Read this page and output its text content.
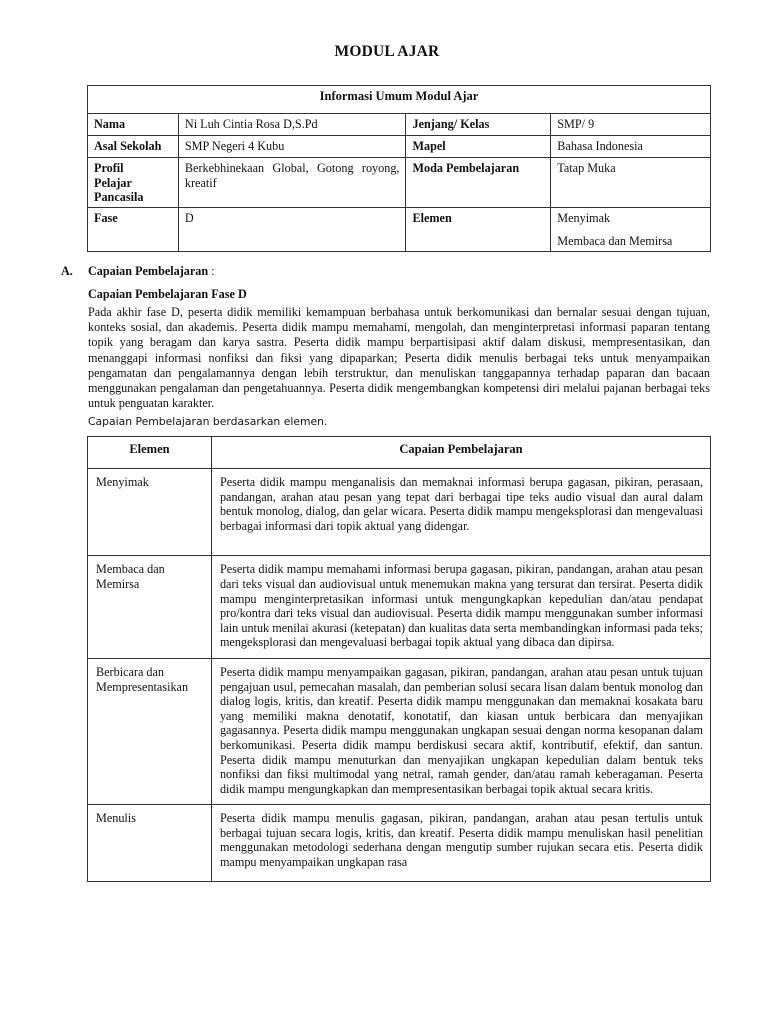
MODUL AJAR
Informasi Umum Modul Ajar			
Nama	Ni Luh Cintia Rosa D,S.Pd	Jenjang/ Kelas	SMP/ 9
Asal Sekolah	SMP Negeri 4 Kubu	Mapel	Bahasa Indonesia

Profil
Pelajar
Pancasila	Berkebhinekaan Global, Gotong royong, kreatif	Moda Pembelajaran	Tatap Muka
Fase	D	Elemen	Menyimak
Membaca dan Memirsa
A. Capaian Pembelajaran :
Capaian Pembelajaran Fase D

Pada akhir fase D, peserta didik memiliki kemampuan berbahasa untuk berkomunikasi dan bernalar sesuai dengan tujuan, konteks sosial, dan akademis. Peserta didik mampu memahami, mengolah, dan menginterpretasi informasi paparan tentang topik yang beragam dan karya sastra. Peserta didik mampu berpartisipasi aktif dalam diskusi, mempresentasikan, dan menanggapi informasi nonfiksi dan fiksi yang dipaparkan; Peserta didik menulis berbagai teks untuk menyampaikan pengamatan dan pengalamannya dengan lebih terstruktur, dan menuliskan tanggapannya terhadap paparan dan bacaan menggunakan pengalaman dan pengetahuannya. Peserta didik mengembangkan kompetensi diri melalui pajanan berbagai teks untuk penguatan karakter.

Capaian Pembelajaran berdasarkan elemen.
Elemen	Capaian Pembelajaran
Menyimak	Peserta didik mampu menganalisis dan memaknai informasi berupa gagasan, pikiran, perasaan, pandangan, arahan atau pesan yang tepat dari berbagai tipe teks audio visual dan aural dalam bentuk monolog, dialog, dan gelar wicara. Peserta didik mampu mengeksplorasi dan mengevaluasi berbagai informasi dari topik aktual yang didengar.
Membaca dan Memirsa	Peserta didik mampu memahami informasi berupa gagasan, pikiran, pandangan, arahan atau pesan dari teks visual dan audiovisual untuk menemukan makna yang tersurat dan tersirat. Peserta didik mampu menginterpretasikan informasi untuk mengungkapkan kepedulian dan/atau pendapat pro/kontra dari teks visual dan audiovisual. Peserta didik mampu menggunakan sumber informasi lain untuk menilai akurasi (ketepatan) dan kualitas data serta membandingkan informasi pada teks; mengeksplorasi dan mengevaluasi berbagai topik aktual yang dibaca dan dipirsa.
Berbicara dan Mempresentasikan	Peserta didik mampu menyampaikan gagasan, pikiran, pandangan, arahan atau pesan untuk tujuan pengajuan usul, pemecahan masalah, dan pemberian solusi secara lisan dalam bentuk monolog dan dialog logis, kritis, dan kreatif. Peserta didik mampu menggunakan dan memaknai kosakata baru yang memiliki makna denotatif, konotatif, dan kiasan untuk berbicara dan menyajikan gagasannya. Peserta didik mampu menggunakan ungkapan sesuai dengan norma kesopanan dalam berkomunikasi. Peserta didik mampu berdiskusi secara aktif, kontributif, efektif, dan santun. Peserta didik mampu menuturkan dan menyajikan ungkapan kepedulian dalam bentuk teks nonfiksi dan fiksi multimodal yang netral, ramah gender, dan/atau ramah keberagaman. Peserta didik mampu mengungkapkan dan mempresentasikan berbagai topik aktual secara kritis.
Menulis	Peserta didik mampu menulis gagasan, pikiran, pandangan, arahan atau pesan tertulis untuk berbagai tujuan secara logis, kritis, dan kreatif. Peserta didik mampu menuliskan hasil penelitian menggunakan metodologi sederhana dengan mengutip sumber rujukan secara etis. Peserta didik mampu menyampaikan ungkapan rasa
